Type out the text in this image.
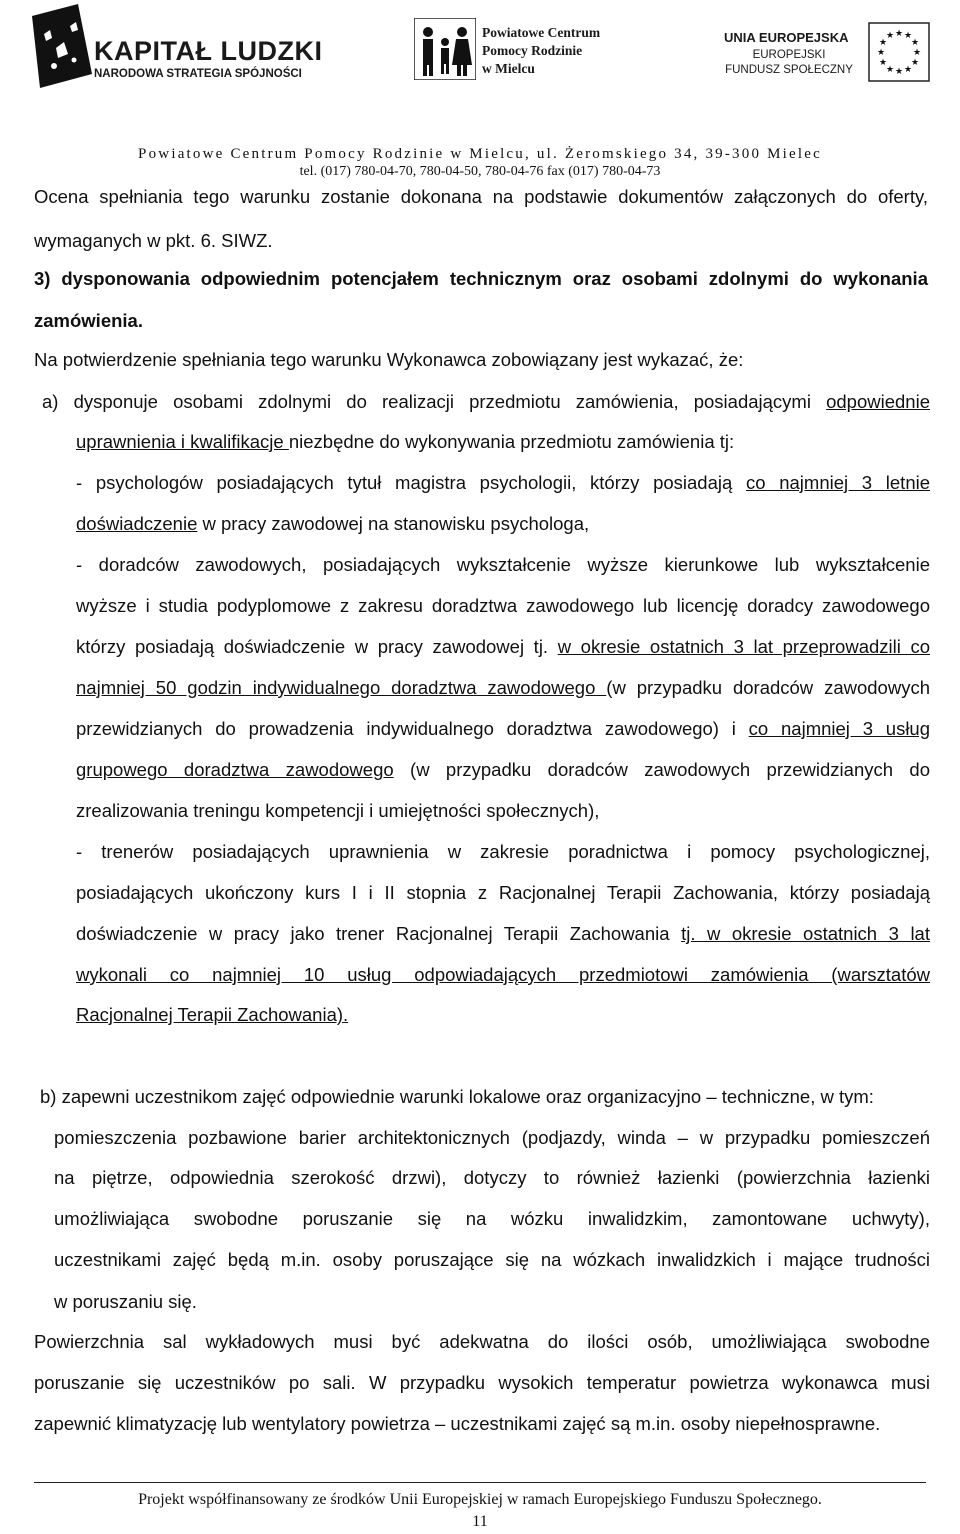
KAPITAŁ LUDZKI
NARODOWA STRATEGIA SPÓJNOŚCI
Powiatowe Centrum
Pomocy Rodzinie
w Mielcu
UNIA EUROPEJSKA
EUROPEJSKI
FUNDUSZ SPOŁECZNY
★ ★
★
★
★
★
★
★
★
★
★
★
Powiatowe Centrum Pomocy Rodzinie w Mielcu, ul. Żeromskiego 34, 39-300 Mielec
tel. (017) 780-04-70, 780-04-50, 780-04-76 fax (017) 780-04-73
Ocena spełniania tego warunku zostanie dokonana na podstawie dokumentów załączonych do oferty,
wymaganych w pkt. 6. SIWZ.
3) dysponowania odpowiednim potencjałem technicznym oraz osobami zdolnymi do wykonania
zamówienia.
Na potwierdzenie spełniania tego warunku Wykonawca zobowiązany jest wykazać, że:
a) dysponuje osobami zdolnymi do realizacji przedmiotu zamówienia, posiadającymi odpowiednie
uprawnienia i kwalifikacje niezbędne do wykonywania przedmiotu zamówienia tj:
- psychologów posiadających tytuł magistra psychologii, którzy posiadają co najmniej 3 letnie
doświadczenie w pracy zawodowej na stanowisku psychologa,
- doradców zawodowych, posiadających wykształcenie wyższe kierunkowe lub wykształcenie
wyższe i studia podyplomowe z zakresu doradztwa zawodowego lub licencję doradcy zawodowego
którzy posiadają doświadczenie w pracy zawodowej tj. w okresie ostatnich 3 lat przeprowadzili co
najmniej 50 godzin indywidualnego doradztwa zawodowego (w przypadku doradców zawodowych
przewidzianych do prowadzenia indywidualnego doradztwa zawodowego) i co najmniej 3 usług
grupowego doradztwa zawodowego (w przypadku doradców zawodowych przewidzianych do
zrealizowania treningu kompetencji i umiejętności społecznych),
- trenerów posiadających uprawnienia w zakresie poradnictwa i pomocy psychologicznej,
posiadających ukończony kurs I i II stopnia z Racjonalnej Terapii Zachowania, którzy posiadają
doświadczenie w pracy jako trener Racjonalnej Terapii Zachowania tj. w okresie ostatnich 3 lat
wykonali co najmniej 10 usług odpowiadających przedmiotowi zamówienia (warsztatów
Racjonalnej Terapii Zachowania).
b) zapewni uczestnikom zajęć odpowiednie warunki lokalowe oraz organizacyjno – techniczne, w tym:
pomieszczenia pozbawione barier architektonicznych (podjazdy, winda – w przypadku pomieszczeń
na piętrze, odpowiednia szerokość drzwi), dotyczy to również łazienki (powierzchnia łazienki
umożliwiająca swobodne poruszanie się na wózku inwalidzkim, zamontowane uchwyty),
uczestnikami zajęć będą m.in. osoby poruszające się na wózkach inwalidzkich i mające trudności
w poruszaniu się.
Powierzchnia sal wykładowych musi być adekwatna do ilości osób, umożliwiająca swobodne
poruszanie się uczestników po sali. W przypadku wysokich temperatur powietrza wykonawca musi
zapewnić klimatyzację lub wentylatory powietrza – uczestnikami zajęć są m.in. osoby niepełnosprawne.
Projekt współfinansowany ze środków Unii Europejskiej w ramach Europejskiego Funduszu Społecznego.
11
